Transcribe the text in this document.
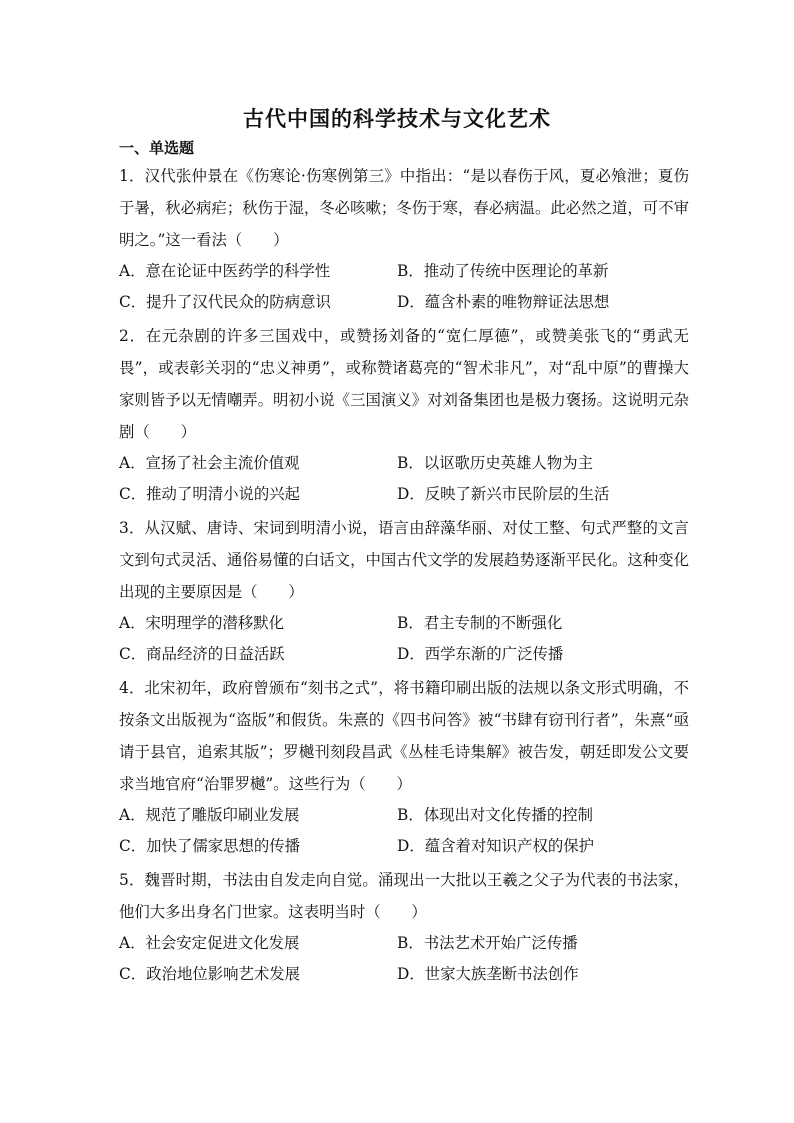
古代中国的科学技术与文化艺术
一、单选题

1．汉代张仲景在《伤寒论·伤寒例第三》中指出：“是以春伤于风，夏必飧泄；夏伤于暑，秋必病疟；秋伤于湿，冬必咳嗽；冬伤于寒，春必病温。此必然之道，可不审明之。”这一看法（　　）

A．意在论证中医药学的科学性	B．推动了传统中医理论的革新
C．提升了汉代民众的防病意识	D．蕴含朴素的唯物辩证法思想

2．在元杂剧的许多三国戏中，或赞扬刘备的“宽仁厚德”，或赞美张飞的“勇武无畏”，或表彰关羽的“忠义神勇”，或称赞诸葛亮的“智术非凡”，对“乱中原”的曹操大家则皆予以无情嘲弄。明初小说《三国演义》对刘备集团也是极力褒扬。这说明元杂剧（　　）

A．宣扬了社会主流价值观	B．以讴歌历史英雄人物为主
C．推动了明清小说的兴起	D．反映了新兴市民阶层的生活

3．从汉赋、唐诗、宋词到明清小说，语言由辞藻华丽、对仗工整、句式严整的文言文到句式灵活、通俗易懂的白话文，中国古代文学的发展趋势逐渐平民化。这种变化出现的主要原因是（　　）

A．宋明理学的潜移默化	B．君主专制的不断强化
C．商品经济的日益活跃	D．西学东渐的广泛传播

4．北宋初年，政府曾颁布“刻书之式”，将书籍印刷出版的法规以条文形式明确，不按条文出版视为“盗版”和假货。朱熹的《四书问答》被“书肆有窃刊行者”，朱熹“亟请于县官，追索其版”；罗樾刊刻段昌武《丛桂毛诗集解》被告发，朝廷即发公文要求当地官府“治罪罗樾”。这些行为（　　）

A．规范了雕版印刷业发展	B．体现出对文化传播的控制
C．加快了儒家思想的传播	D．蕴含着对知识产权的保护

5．魏晋时期，书法由自发走向自觉。涌现出一大批以王羲之父子为代表的书法家，他们大多出身名门世家。这表明当时（　　）

A．社会安定促进文化发展	B．书法艺术开始广泛传播
C．政治地位影响艺术发展	D．世家大族垄断书法创作
